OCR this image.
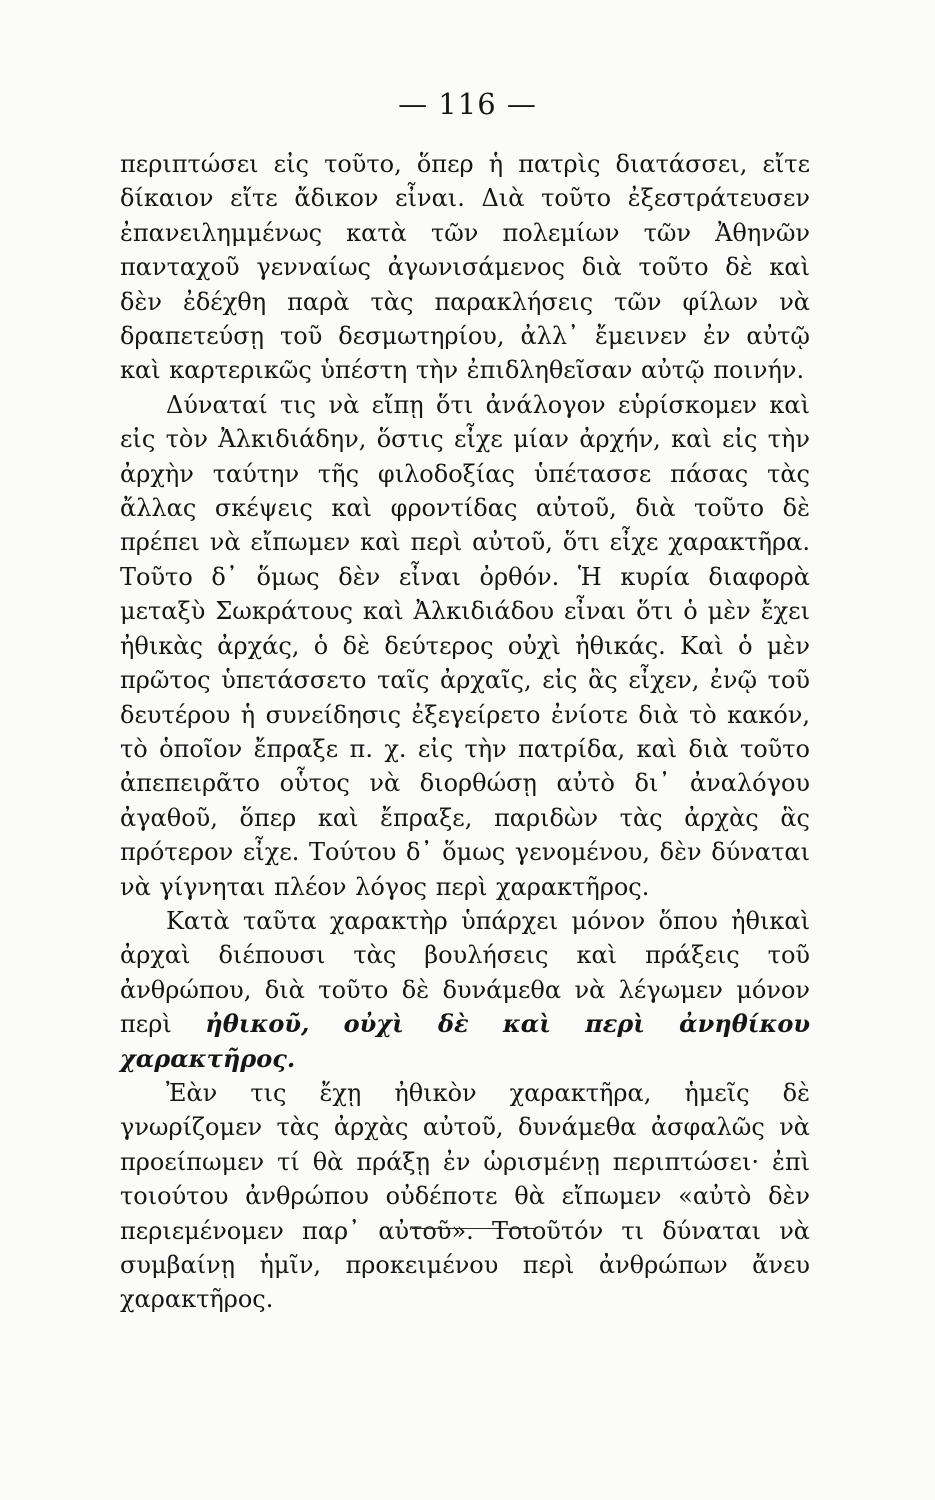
— 116 —

περιπτώσει εἰς τοῦτο, ὅπερ ἡ πατρὶς διατάσσει, εἴτε δίκαιον εἴτε ἄδικον εἶναι. Διὰ τοῦτο ἐξεστράτευσεν ἐπανειλημμένως κατὰ τῶν πολεμίων τῶν Ἀθηνῶν πανταχοῦ γενναίως ἀγωνισάμενος διὰ τοῦτο δὲ καὶ δὲν ἐδέχθη παρὰ τὰς παρακλήσεις τῶν φίλων νὰ δραπετεύσῃ τοῦ δεσμωτηρίου, ἀλλ᾿ ἔμεινεν ἐν αὐτῷ καὶ καρτερικῶς ὑπέστη τὴν ἐπιδληθεῖσαν αὐτῷ ποινήν.

Δύναταί τις νὰ εἴπῃ ὅτι ἀνάλογον εὑρίσκομεν καὶ εἰς τὸν Ἀλκιδιάδην, ὅστις εἶχε μίαν ἀρχήν, καὶ εἰς τὴν ἀρχὴν ταύτην τῆς φιλοδοξίας ὑπέτασσε πάσας τὰς ἄλλας σκέψεις καὶ φροντίδας αὐτοῦ, διὰ τοῦτο δὲ πρέπει νὰ εἴπωμεν καὶ περὶ αὐτοῦ, ὅτι εἶχε χαρακτῆρα. Τοῦτο δ᾿ ὅμως δὲν εἶναι ὀρθόν. Ἡ κυρία διαφορὰ μεταξὺ Σωκράτους καὶ Ἀλκιδιάδου εἶναι ὅτι ὁ μὲν ἔχει ἠθικὰς ἀρχάς, ὁ δὲ δεύτερος οὐχὶ ἠθικάς. Καὶ ὁ μὲν πρῶτος ὑπετάσσετο ταῖς ἀρχαῖς, εἰς ἃς εἶχεν, ἐνῷ τοῦ δευτέρου ἡ συνείδησις ἐξεγείρετο ἐνίοτε διὰ τὸ κακόν, τὸ ὁποῖον ἔπραξε π. χ. εἰς τὴν πατρίδα, καὶ διὰ τοῦτο ἀπεπειρᾶτο οὗτος νὰ διορθώσῃ αὐτὸ δι᾿ ἀναλόγου ἀγαθοῦ, ὅπερ καὶ ἔπραξε, παριδὼν τὰς ἀρχὰς ἃς πρότερον εἶχε. Τούτου δ᾿ ὅμως γενομένου, δὲν δύναται νὰ γίγνηται πλέον λόγος περὶ χαρακτῆρος.

Κατὰ ταῦτα χαρακτὴρ ὑπάρχει μόνον ὅπου ἠθικαὶ ἀρχαὶ διέπουσι τὰς βουλήσεις καὶ πράξεις τοῦ ἀνθρώπου, διὰ τοῦτο δὲ δυνάμεθα νὰ λέγωμεν μόνον περὶ ἠθικοῦ, οὐχὶ δὲ καὶ περὶ ἀνηθίκου χαρακτῆρος.

Ἐὰν τις ἔχῃ ἠθικὸν χαρακτῆρα, ἡμεῖς δὲ γνωρίζομεν τὰς ἀρχὰς αὐτοῦ, δυνάμεθα ἀσφαλῶς νὰ προείπωμεν τί θὰ πράξῃ ἐν ὡρισμένῃ περιπτώσει· ἐπὶ τοιούτου ἀνθρώπου οὐδέποτε θὰ εἴπωμεν «αὐτὸ δὲν περιεμένομεν παρ᾿ αὐτοῦ». Τοιοῦτόν τι δύναται νὰ συμβαίνῃ ἡμῖν, προκειμένου περὶ ἀνθρώπων ἄνευ χαρακτῆρος.
